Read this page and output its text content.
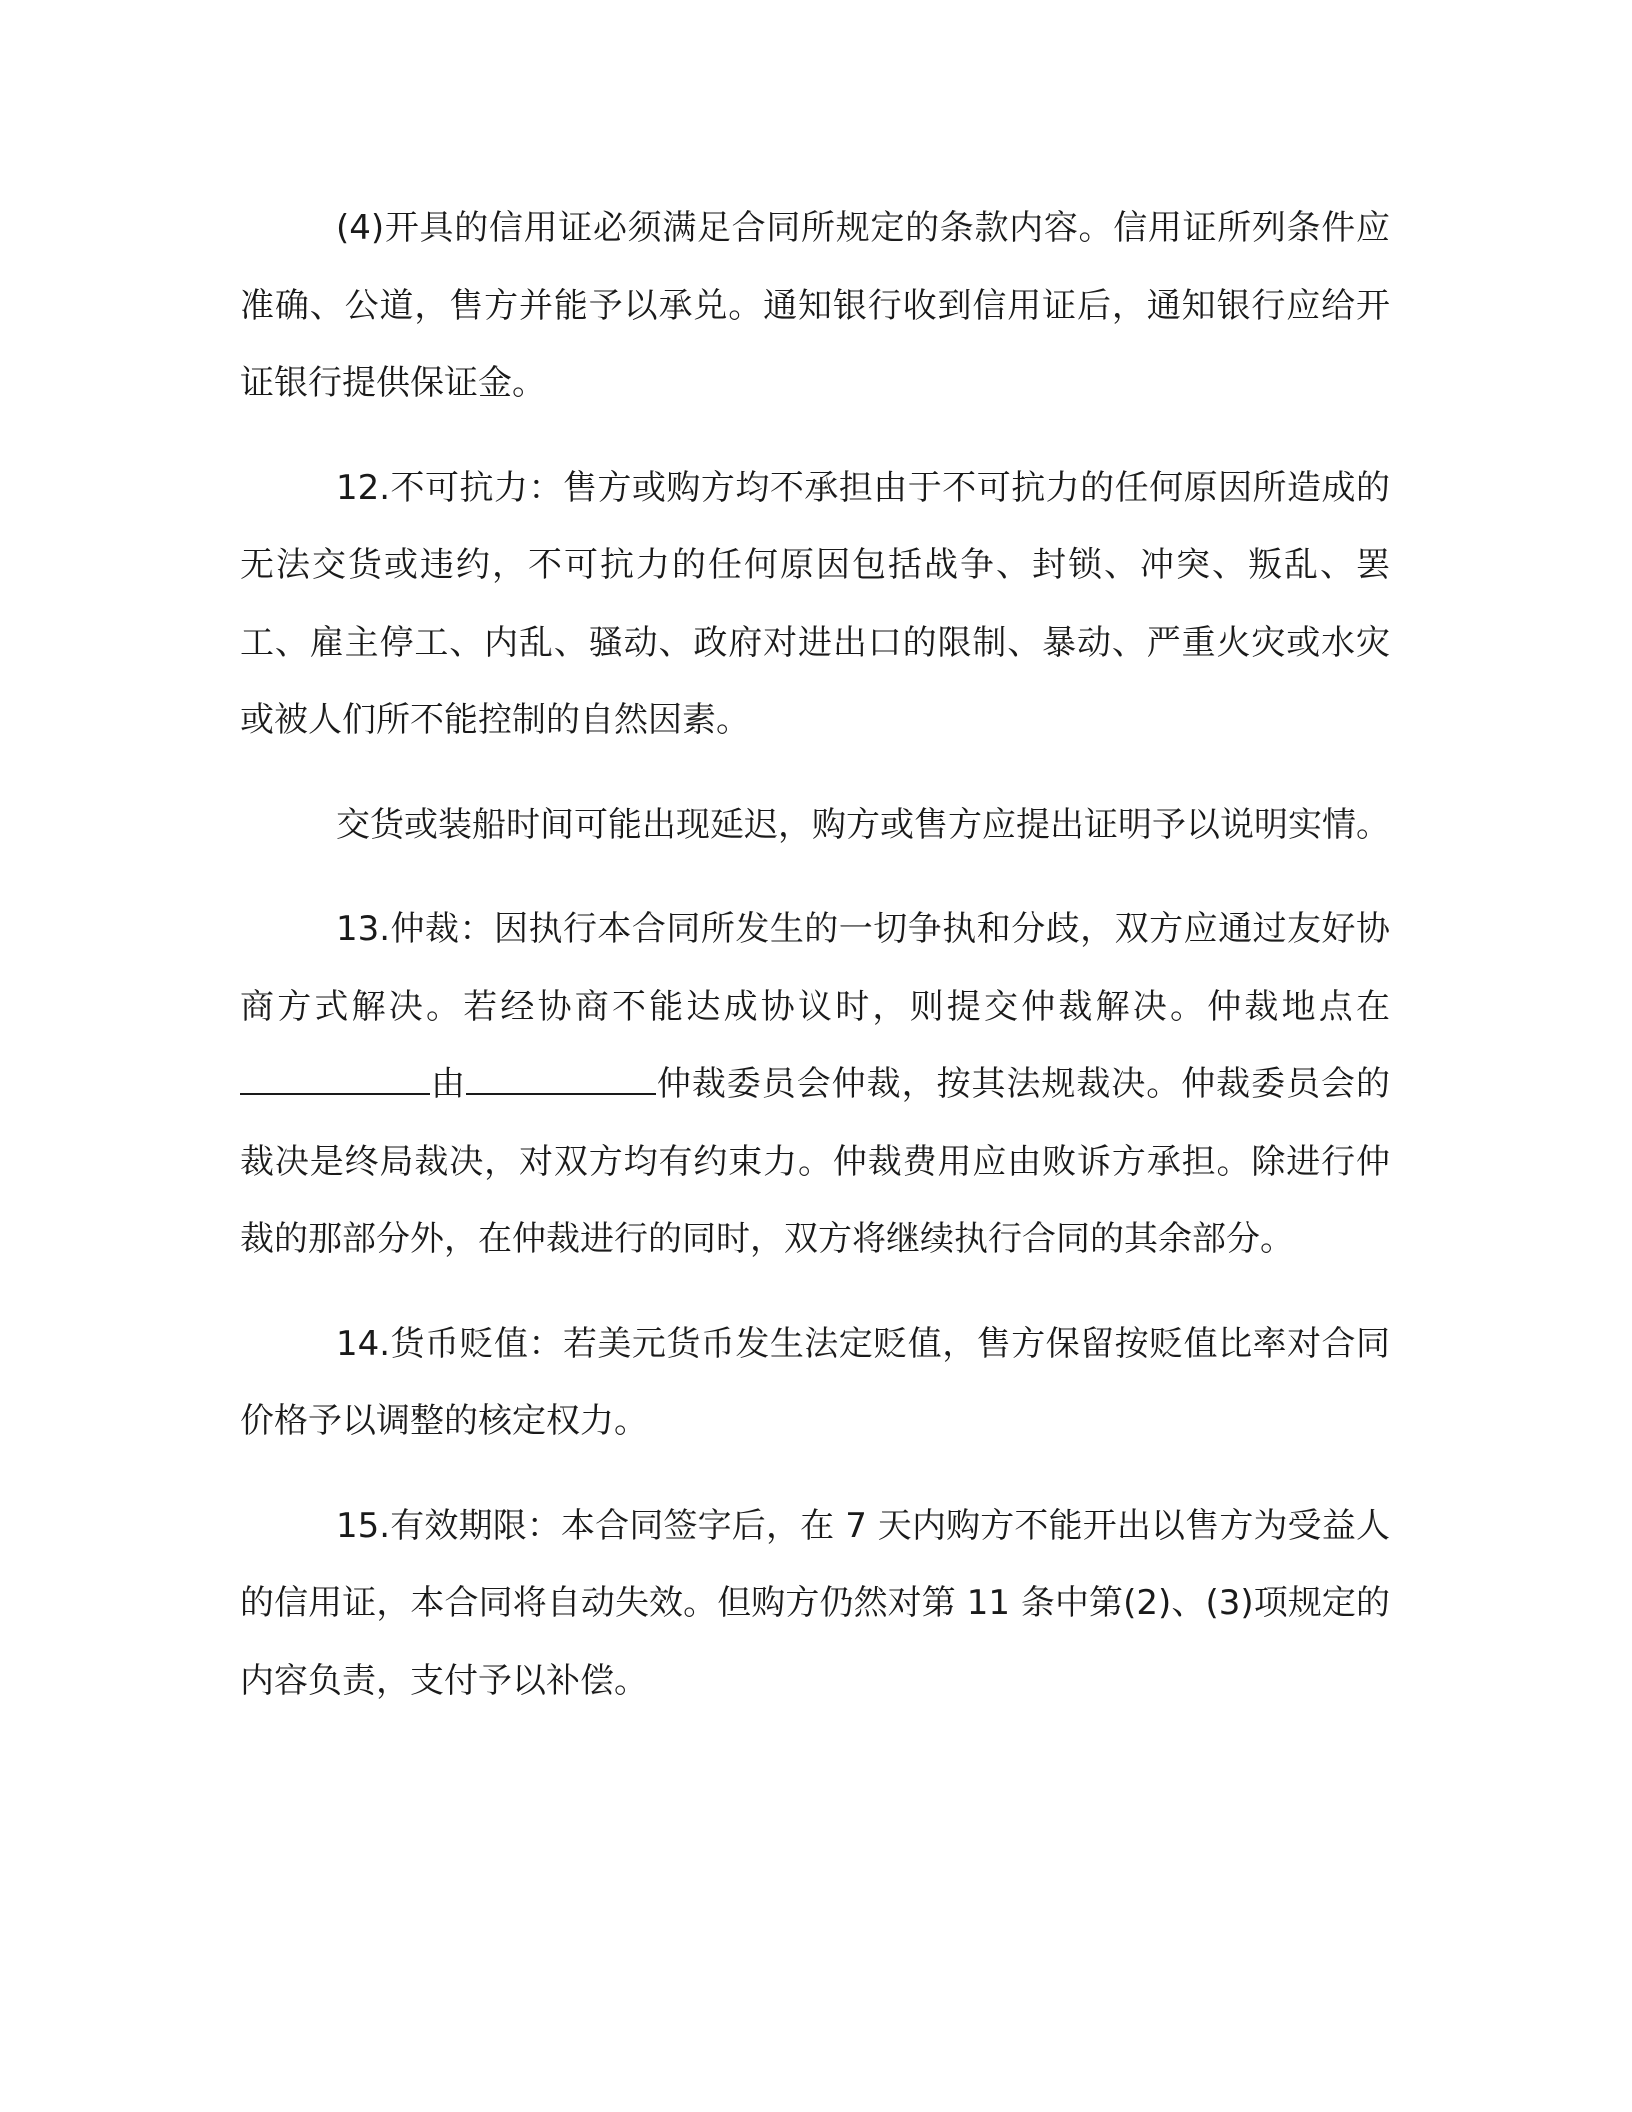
(4)开具的信用证必须满足合同所规定的条款内容。信用证所列条件应准确、公道，售方并能予以承兑。通知银行收到信用证后，通知银行应给开证银行提供保证金。

12.不可抗力：售方或购方均不承担由于不可抗力的任何原因所造成的无法交货或违约，不可抗力的任何原因包括战争、封锁、冲突、叛乱、罢工、雇主停工、内乱、骚动、政府对进出口的限制、暴动、严重火灾或水灾或被人们所不能控制的自然因素。

交货或装船时间可能出现延迟，购方或售方应提出证明予以说明实情。

13.仲裁：因执行本合同所发生的一切争执和分歧，双方应通过友好协商方式解决。若经协商不能达成协议时，则提交仲裁解决。仲裁地点在由	仲裁委员会仲裁，按其法规裁决。仲裁委员会的裁决是终局裁决，对双方均有约束力。仲裁费用应由败诉方承担。除进行仲裁的那部分外，在仲裁进行的同时，双方将继续执行合同的其余部分。

14.货币贬值：若美元货币发生法定贬值，售方保留按贬值比率对合同价格予以调整的核定权力。

15.有效期限：本合同签字后，在 7 天内购方不能开出以售方为受益人的信用证，本合同将自动失效。但购方仍然对第 11 条中第(2)、(3)项规定的内容负责，支付予以补偿。
